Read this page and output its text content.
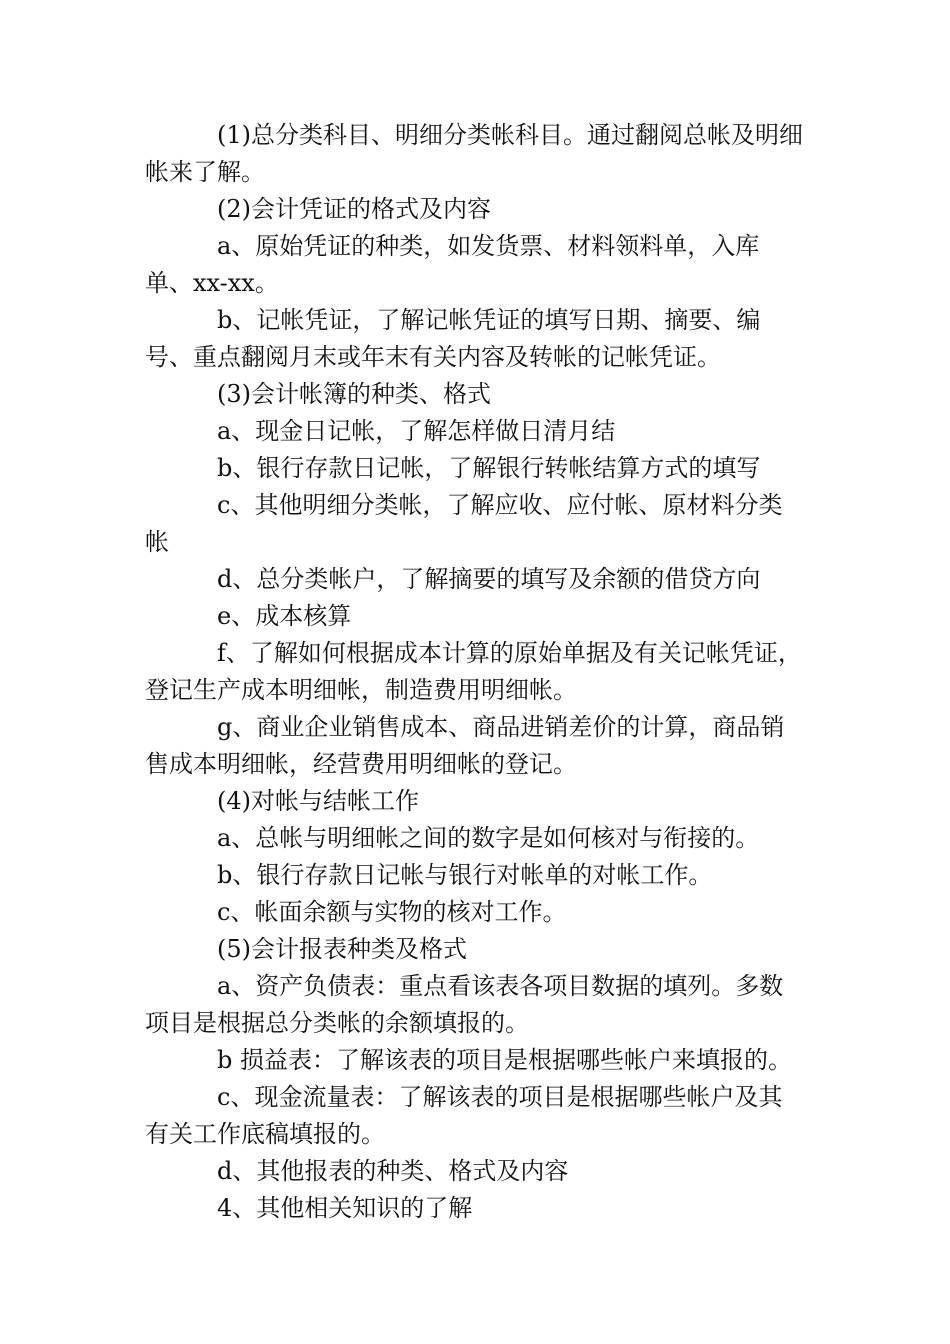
(1)总分类科目、明细分类帐科目。通过翻阅总帐及明细帐来了解。

(2)会计凭证的格式及内容

a、原始凭证的种类，如发货票、材料领料单，入库单、xx-xx。

b、记帐凭证，了解记帐凭证的填写日期、摘要、编号、重点翻阅月末或年末有关内容及转帐的记帐凭证。

(3)会计帐簿的种类、格式

a、现金日记帐，了解怎样做日清月结

b、银行存款日记帐，了解银行转帐结算方式的填写

c、其他明细分类帐，了解应收、应付帐、原材料分类帐

d、总分类帐户，了解摘要的填写及余额的借贷方向

e、成本核算

f、了解如何根据成本计算的原始单据及有关记帐凭证，登记生产成本明细帐，制造费用明细帐。

g、商业企业销售成本、商品进销差价的计算，商品销售成本明细帐，经营费用明细帐的登记。

(4)对帐与结帐工作

a、总帐与明细帐之间的数字是如何核对与衔接的。

b、银行存款日记帐与银行对帐单的对帐工作。

c、帐面余额与实物的核对工作。

(5)会计报表种类及格式

a、资产负债表：重点看该表各项目数据的填列。多数项目是根据总分类帐的余额填报的。

b 损益表：了解该表的项目是根据哪些帐户来填报的。

c、现金流量表：了解该表的项目是根据哪些帐户及其有关工作底稿填报的。

d、其他报表的种类、格式及内容

4、其他相关知识的了解
